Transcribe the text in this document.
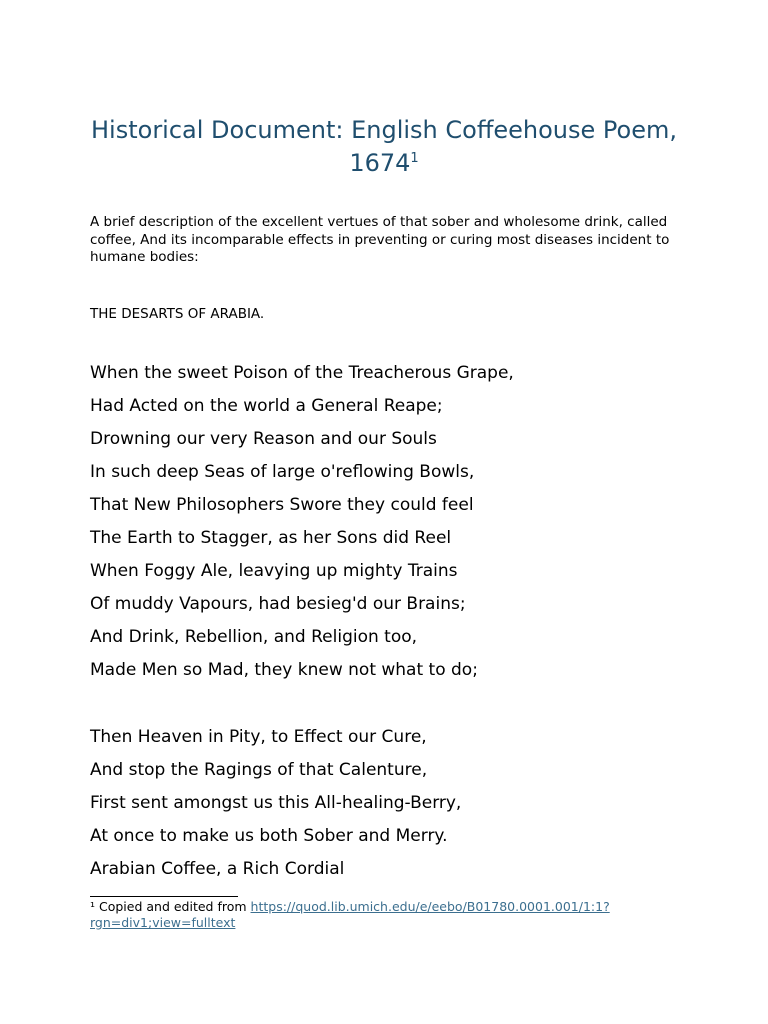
Historical Document: English Coffeehouse Poem, 1674$^1$

A brief description of the excellent vertues of that sober and wholesome drink, called coffee, And its incomparable effects in preventing or curing most diseases incident to humane bodies:

THE DESARTS OF ARABIA.

When the sweet Poison of the Treacherous Grape,
Had Acted on the world a General Reape;
Drowning our very Reason and our Souls
In such deep Seas of large o'reflowing Bowls,
That New Philosophers Swore they could feel
The Earth to Stagger, as her Sons did Reel
When Foggy Ale, leavying up mighty Trains
Of muddy Vapours, had besieg'd our Brains;
And Drink, Rebellion, and Religion too,
Made Men so Mad, they knew not what to do;
Then Heaven in Pity, to Effect our Cure,
And stop the Ragings of that Calenture,
First sent amongst us this All-healing-Berry,
At once to make us both Sober and Merry.
Arabian Coffee, a Rich Cordial

¹ Copied and edited from https://quod.lib.umich.edu/e/eebo/B01780.0001.001/1:1?rgn=div1;view=fulltext
